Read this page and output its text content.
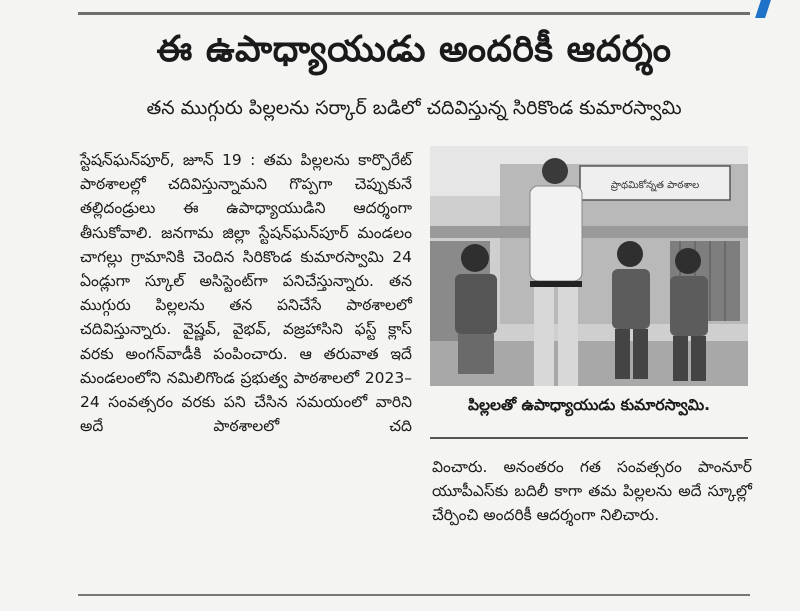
ఈ ఉపాధ్యాయుడు అందరికీ ఆదర్శం
తన ముగ్గురు పిల్లలను సర్కార్ బడిలో చదివిస్తున్న సిరికొండ కుమారస్వామి

స్టేషన్‌ఘన్‌పూర్, జూన్ 19 : తమ పిల్లలను కార్పొరేట్ పాఠశాలల్లో చదివిస్తున్నామని గొప్పగా చెప్పుకునే తల్లిదండ్రులు ఈ ఉపాధ్యాయుడిని ఆదర్శంగా తీసుకోవాలి. జనగామ జిల్లా స్టేషన్‌ఘన్‌పూర్ మండలం చాగల్లు గ్రామానికి చెందిన సిరికొండ కుమారస్వామి 24 ఏండ్లుగా స్కూల్ అసిస్టెంట్‌గా పనిచేస్తున్నారు. తన ముగ్గురు పిల్లలను తన పనిచేసే పాఠశాలలో చదివిస్తున్నారు. వైష్ణవ్, వైభవ్, వజ్రహాసిని ఫస్ట్ క్లాస్ వరకు అంగన్‌వాడీకి పంపించారు. ఆ తరువాత ఇదే మండలంలోని నమిలిగొండ ప్రభుత్వ పాఠశాలలో 2023–24 సంవత్సరం వరకు పని చేసిన సమయంలో వారిని అదే పాఠశాలలో చది

ప్రాథమికోన్నత పాఠశాల
పిల్లలతో ఉపాధ్యాయుడు కుమారస్వామి.
వించారు. అనంతరం గత సంవత్సరం పాంనూర్ యూపీఎస్‌కు బదిలీ కాగా తమ పిల్లలను అదే స్కూల్లో చేర్పించి అందరికీ ఆదర్శంగా నిలిచారు.
